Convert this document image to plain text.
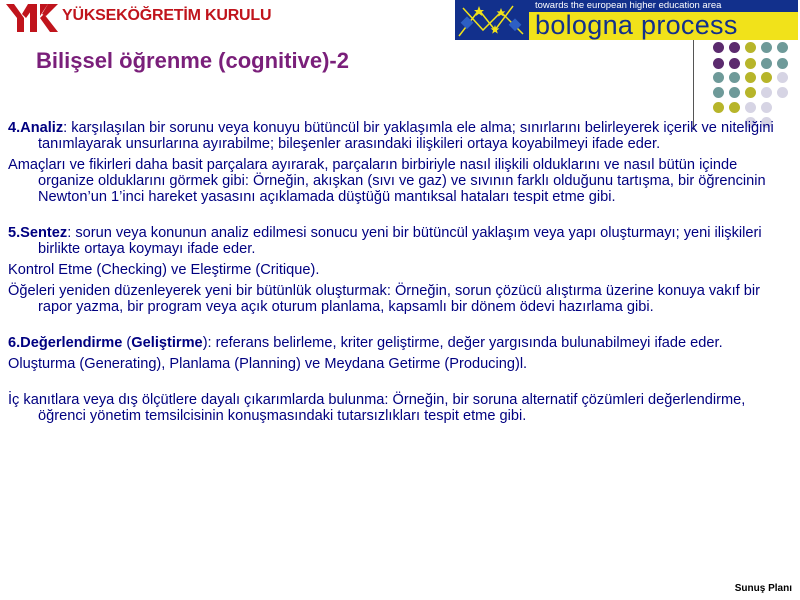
YÜKSEKÖĞRETİM KURULU
towards the european higher education area
bologna process
Bilişsel öğrenme (cognitive)-2

4.Analiz: karşılaşılan bir sorunu veya konuyu bütüncül bir yaklaşımla ele alma; sınırlarını belirleyerek içerik ve niteliğini tanımlayarak unsurlarına ayırabilme; bileşenler arasındaki ilişkileri ortaya koyabilmeyi ifade eder.

Amaçları ve fikirleri daha basit parçalara ayırarak, parçaların birbiriyle nasıl ilişkili olduklarını ve nasıl bütün içinde organize olduklarını görmek gibi: Örneğin, akışkan (sıvı ve gaz) ve sıvının farklı olduğunu tartışma, bir öğrencinin Newton’un 1’inci hareket yasasını açıklamada düştüğü mantıksal hataları tespit etme gibi.

5.Sentez: sorun veya konunun analiz edilmesi sonucu yeni bir bütüncül yaklaşım veya yapı oluşturmayı; yeni ilişkileri birlikte ortaya koymayı ifade eder.

Kontrol Etme (Checking) ve Eleştirme (Critique).

Öğeleri yeniden düzenleyerek yeni bir bütünlük oluşturmak: Örneğin, sorun çözücü alıştırma üzerine konuya vakıf bir rapor yazma, bir program veya açık oturum planlama, kapsamlı bir dönem ödevi hazırlama gibi.

6.Değerlendirme (Geliştirme): referans belirleme, kriter geliştirme, değer yargısında bulunabilmeyi ifade eder.

Oluşturma (Generating), Planlama (Planning) ve Meydana Getirme (Producing)l.

İç kanıtlara veya dış ölçütlere dayalı çıkarımlarda bulunma: Örneğin, bir soruna alternatif çözümleri değerlendirme, öğrenci yönetim temsilcisinin konuşmasındaki tutarsızlıkları tespit etme gibi.

Sunuş Planı
